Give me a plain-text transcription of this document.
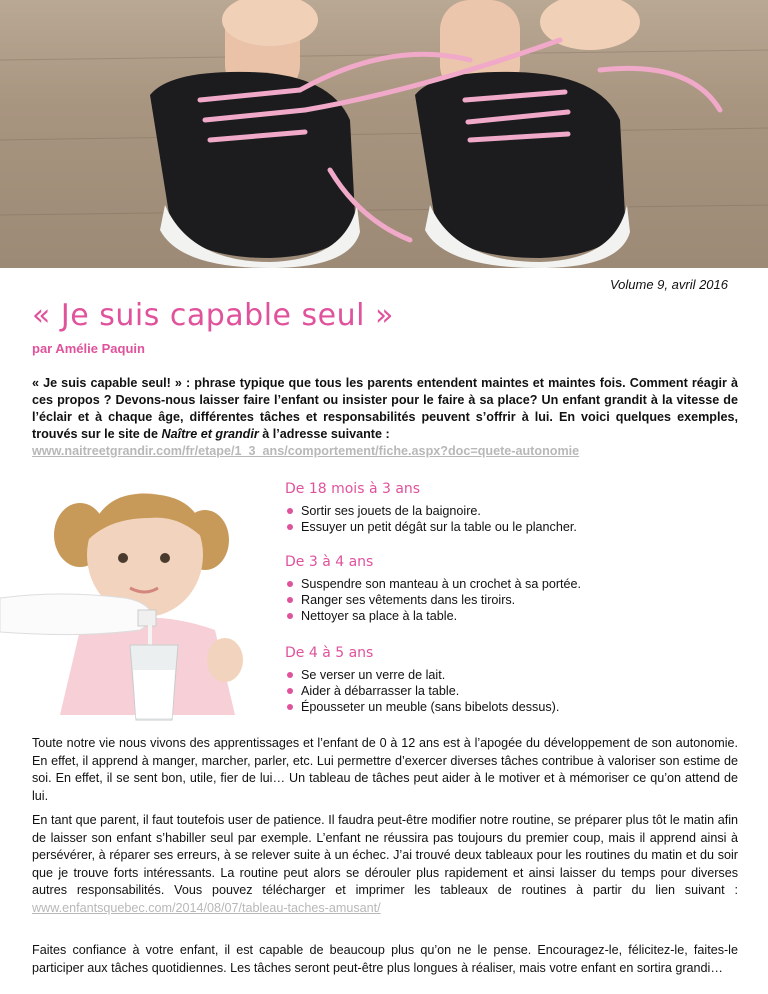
Volume 9, avril 2016
« Je suis capable seul »
par Amélie Paquin
« Je suis capable seul! » : phrase typique que tous les parents entendent maintes et maintes fois. Comment réagir à ces propos ? Devons-nous laisser faire l’enfant ou insister pour le faire à sa place? Un enfant grandit à la vitesse de l’éclair et à chaque âge, différentes tâches et responsabilités peuvent s’offrir à lui. En voici quelques exemples, trouvés sur le site de Naître et grandir à l’adresse suivante :
www.naitreetgrandir.com/fr/etape/1_3_ans/comportement/fiche.aspx?doc=quete-autonomie
De 18 mois à 3 ans
Sortir ses jouets de la baignoire.
Essuyer un petit dégât sur la table ou le plancher.
De 3 à 4 ans
Suspendre son manteau à un crochet à sa portée.
Ranger ses vêtements dans les tiroirs.
Nettoyer sa place à la table.
De 4 à 5 ans
Se verser un verre de lait.
Aider à débarrasser la table.
Épousseter un meuble (sans bibelots dessus).
Toute notre vie nous vivons des apprentissages et l’enfant de 0 à 12 ans est à l’apogée du développement de son autonomie. En effet, il apprend à manger, marcher, parler, etc. Lui permettre d’exercer diverses tâches contribue à valoriser son estime de soi. En effet, il se sent bon, utile, fier de lui… Un tableau de tâches peut aider à le motiver et à mémoriser ce qu’on attend de lui.
En tant que parent, il faut toutefois user de patience. Il faudra peut-être modifier notre routine, se préparer plus tôt le matin afin de laisser son enfant s’habiller seul par exemple. L’enfant ne réussira pas toujours du premier coup, mais il apprend ainsi à persévérer, à réparer ses erreurs, à se relever suite à un échec. J’ai trouvé deux tableaux pour les routines du matin et du soir que je trouve forts intéressants. La routine peut alors se dérouler plus rapidement et ainsi laisser du temps pour diverses autres responsabilités. Vous pouvez télécharger et imprimer les tableaux de routines à partir du lien suivant : www.enfantsquebec.com/2014/08/07/tableau-taches-amusant/
Faites confiance à votre enfant, il est capable de beaucoup plus qu’on ne le pense. Encouragez-le, félicitez-le, faites-le participer aux tâches quotidiennes. Les tâches seront peut-être plus longues à réaliser, mais votre enfant en sortira grandi…
